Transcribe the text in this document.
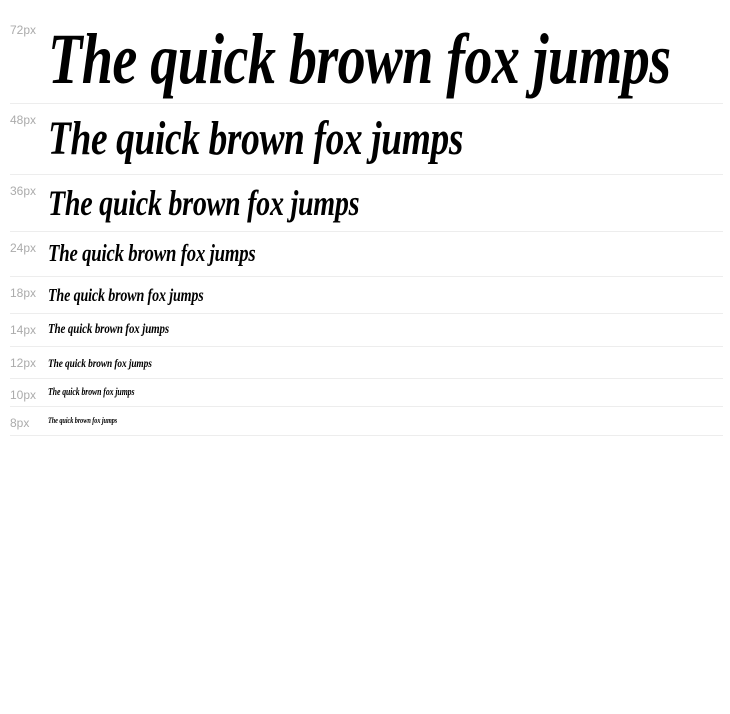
72px The quick brown fox jumps
48px The quick brown fox jumps
36px The quick brown fox jumps
24px The quick brown fox jumps
18px The quick brown fox jumps
14px The quick brown fox jumps
12px The quick brown fox jumps
10px The quick brown fox jumps
8px The quick brown fox jumps
